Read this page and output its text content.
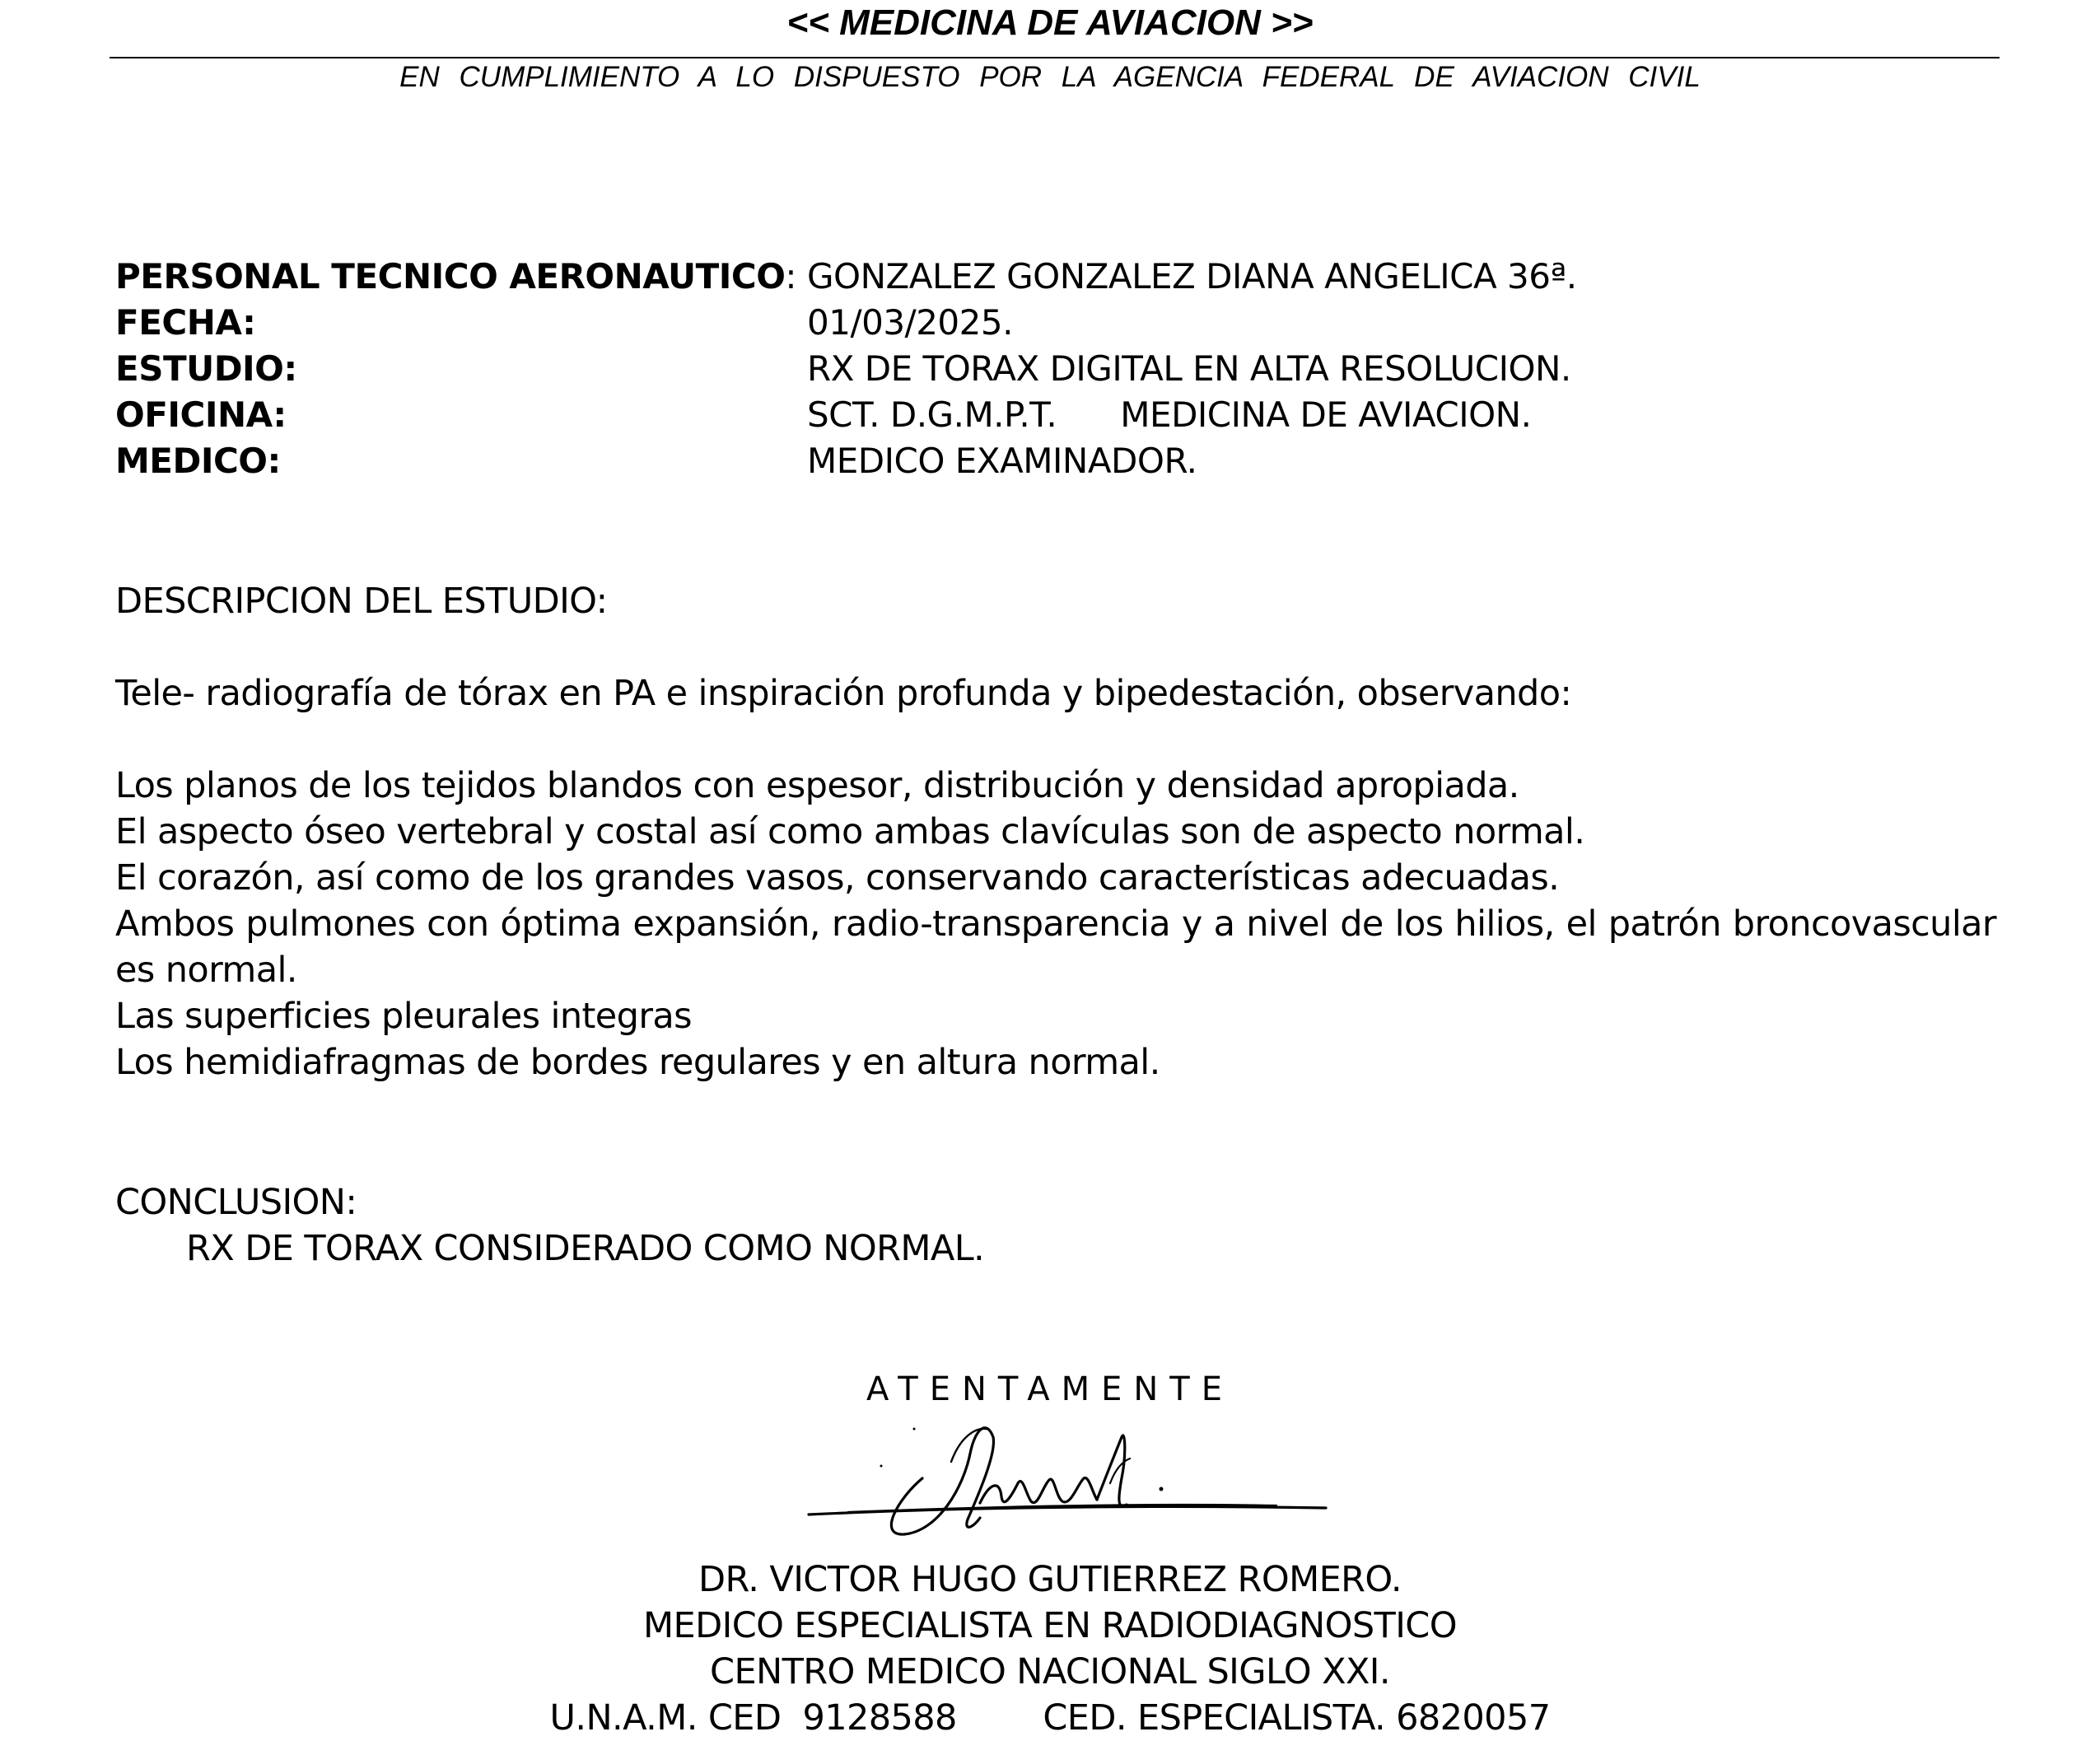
<< MEDICINA DE AVIACION >>
EN CUMPLIMIENTO A LO DISPUESTO POR LA AGENCIA FEDERAL DE AVIACION CIVIL
PERSONAL TECNICO AERONAUTICO: GONZALEZ GONZALEZ DIANA ANGELICA 36ª.
FECHA:	01/03/2025.
ESTUDIO:	RX DE TORAX DIGITAL EN ALTA RESOLUCION.
OFICINA:	SCT. D.G.M.P.T.      MEDICINA DE AVIACION.
MEDICO:	MEDICO EXAMINADOR.
DESCRIPCION DEL ESTUDIO:
Tele- radiografía de tórax en PA e inspiración profunda y bipedestación, observando:
Los planos de los tejidos blandos con espesor, distribución y densidad apropiada.
El aspecto óseo vertebral y costal así como ambas clavículas son de aspecto normal.
El corazón, así como de los grandes vasos, conservando características adecuadas.
Ambos pulmones con óptima expansión, radio-transparencia y a nivel de los hilios, el patrón broncovascular es normal.
Las superficies pleurales integras
Los hemidiafragmas de bordes regulares y en altura normal.
CONCLUSION:
RX DE TORAX CONSIDERADO COMO NORMAL.
ATENTAMENTE
DR. VICTOR HUGO GUTIERREZ ROMERO.
MEDICO ESPECIALISTA EN RADIODIAGNOSTICO
CENTRO MEDICO NACIONAL SIGLO XXI.
U.N.A.M. CED  9128588        CED. ESPECIALISTA. 6820057
